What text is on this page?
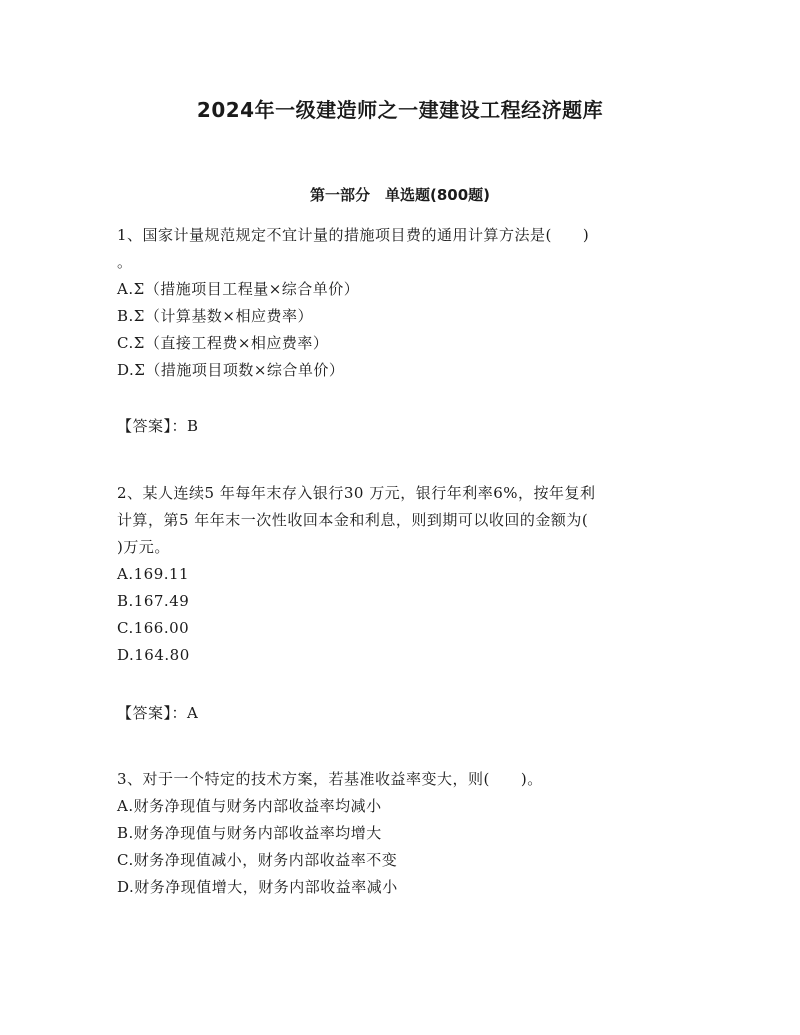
2024年一级建造师之一建建设工程经济题库
第一部分　单选题(800题)

1、国家计量规范规定不宜计量的措施项目费的通用计算方法是(　　)

。

A.Σ（措施项目工程量×综合单价）

B.Σ（计算基数×相应费率）

C.Σ（直接工程费×相应费率）

D.Σ（措施项目项数×综合单价）

【答案】：B

2、某人连续5 年每年末存入银行30 万元，银行年利率6%，按年复利

计算，第5 年年末一次性收回本金和利息，则到期可以收回的金额为(

)万元。

A.169.11

B.167.49

C.166.00

D.164.80

【答案】：A

3、对于一个特定的技术方案，若基准收益率变大，则(　　)。

A.财务净现值与财务内部收益率均减小

B.财务净现值与财务内部收益率均增大

C.财务净现值减小，财务内部收益率不变

D.财务净现值增大，财务内部收益率减小
